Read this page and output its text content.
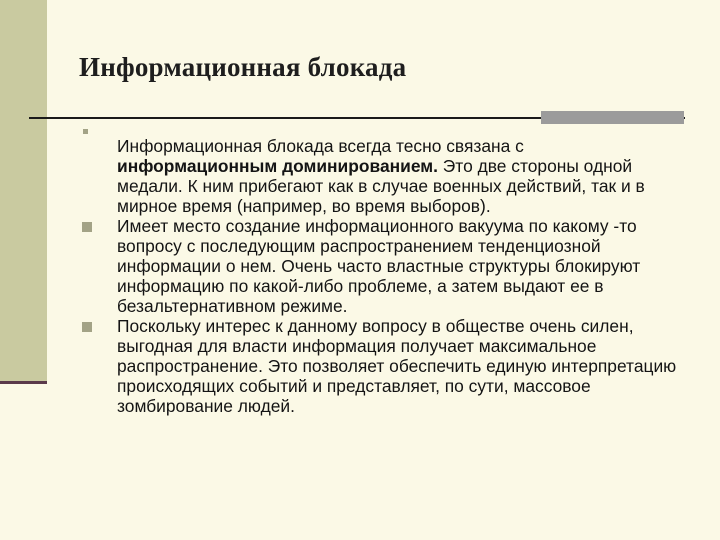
Информационная блокада
Информационная блокада всегда тесно связана с информационным доминированием. Это две стороны одной медали. К ним прибегают как в случае военных действий, так и в мирное время (например, во время выборов).
Имеет место создание информационного вакуума по какому -то вопросу с последующим распространением тенденциозной информации о нем. Очень часто властные структуры блокируют информацию по какой-либо проблеме, а затем выдают ее в безальтернативном режиме.
Поскольку интерес к данному вопросу в обществе очень силен, выгодная для власти информация получает максимальное распространение. Это позволяет обеспечить единую интерпретацию происходящих событий и представляет, по сути, массовое зомбирование людей.
